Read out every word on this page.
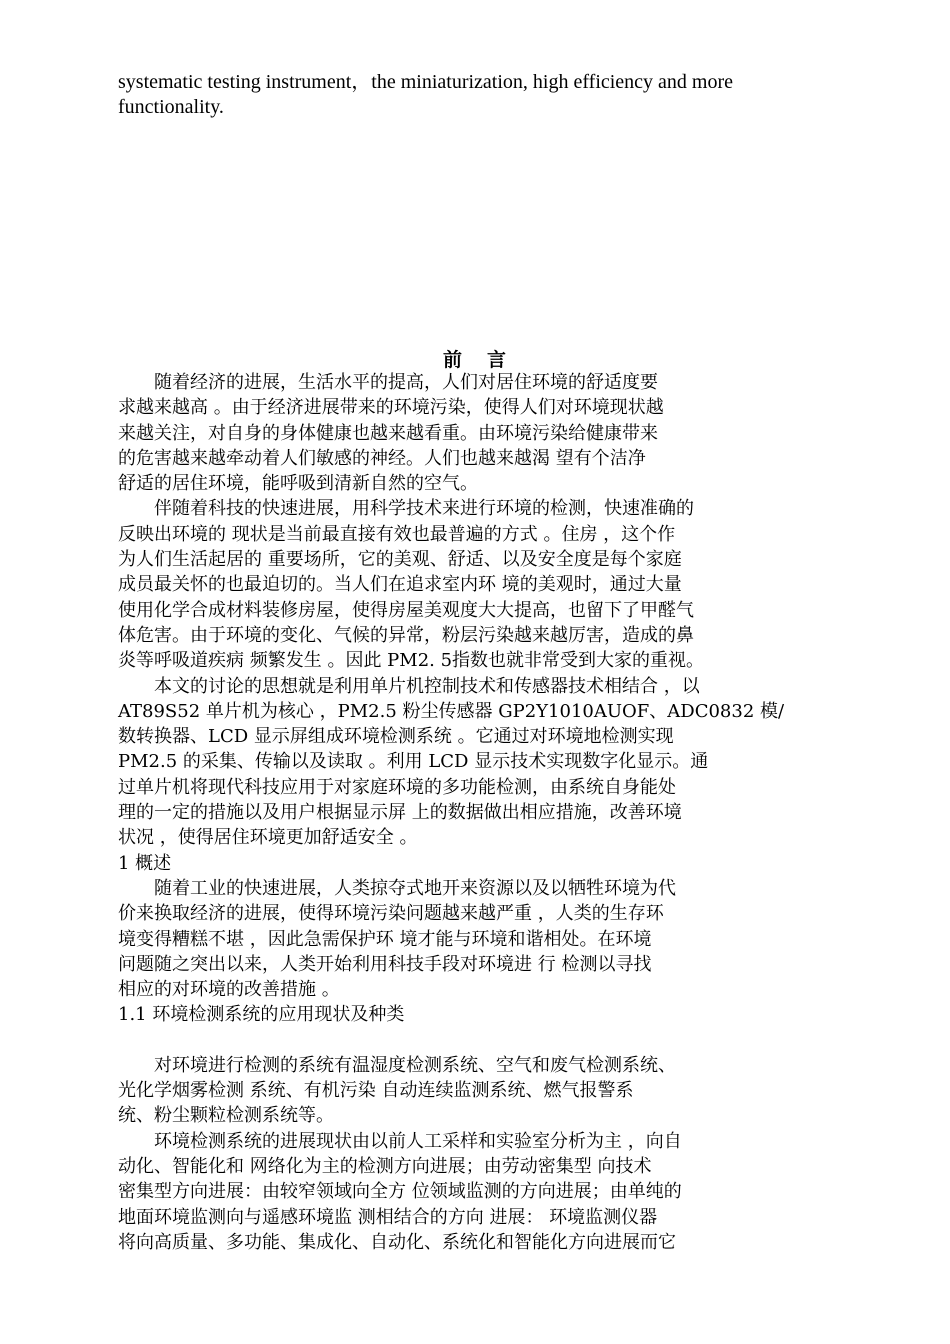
systematic testing instrument，the miniaturization, high efficiency and more

functionality.

前 言

　　随着经济的进展，生活水平的提高，人们对居住环境的舒适度要

求越来越高 。由于经济进展带来的环境污染，使得人们对环境现状越

来越关注，对自身的身体健康也越来越看重。由环境污染给健康带来

的危害越来越牵动着人们敏感的神经。人们也越来越渴 望有个洁净

舒适的居住环境，能呼吸到清新自然的空气。

　　伴随着科技的快速进展，用科学技术来进行环境的检测，快速准确的

反映出环境的 现状是当前最直接有效也最普遍的方式 。住房 ，这个作

为人们生活起居的 重要场所，它的美观、舒适、以及安全度是每个家庭

成员最关怀的也最迫切的。当人们在追求室内环 境的美观时，通过大量

使用化学合成材料装修房屋，使得房屋美观度大大提高，也留下了甲醛气

体危害。由于环境的变化、气候的异常，粉层污染越来越厉害，造成的鼻

炎等呼吸道疾病 频繁发生 。因此 PM2. 5指数也就非常受到大家的重视。

　　本文的讨论的思想就是利用单片机控制技术和传感器技术相结合 ，以

AT89S52 单片机为核心 ，PM2.5 粉尘传感器 GP2Y1010AUOF、ADC0832 模/

数转换器、LCD 显示屏组成环境检测系统 。它通过对环境地检测实现

PM2.5 的采集、传输以及读取 。利用 LCD 显示技术实现数字化显示。通

过单片机将现代科技应用于对家庭环境的多功能检测，由系统自身能处

理的一定的措施以及用户根据显示屏 上的数据做出相应措施，改善环境

状况 ，使得居住环境更加舒适安全 。

1 概述

　　随着工业的快速进展，人类掠夺式地开来资源以及以牺牲环境为代

价来换取经济的进展，使得环境污染问题越来越严重 ，人类的生存环

境变得糟糕不堪 ，因此急需保护环 境才能与环境和谐相处。在环境

问题随之突出以来，人类开始利用科技手段对环境进 行 检测以寻找

相应的对环境的改善措施 。

1.1 环境检测系统的应用现状及种类

　　对环境进行检测的系统有温湿度检测系统、空气和废气检测系统、

光化学烟雾检测 系统、有机污染 自动连续监测系统、燃气报警系

统、粉尘颗粒检测系统等。

　　环境检测系统的进展现状由以前人工采样和实验室分析为主 ，向自

动化、智能化和 网络化为主的检测方向进展；由劳动密集型 向技术

密集型方向进展：由较窄领域向全方 位领域监测的方向进展；由单纯的

地面环境监测向与遥感环境监 测相结合的方向 进展： 环境监测仪器

将向高质量、多功能、集成化、自动化、系统化和智能化方向进展而它
